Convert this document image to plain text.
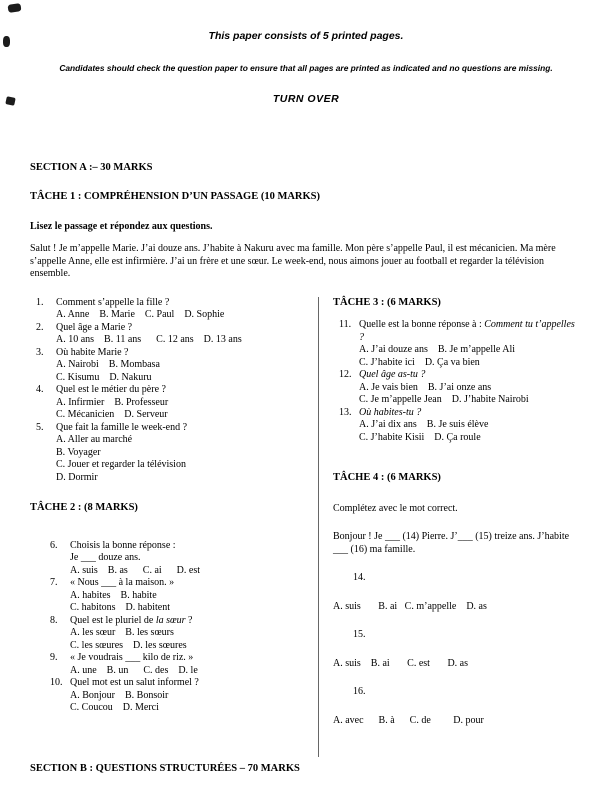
This paper consists of 5 printed pages.
Candidates should check the question paper to ensure that all pages are printed as indicated and no questions are missing.
TURN OVER
SECTION A :– 30 MARKS
TÂCHE 1 : COMPRÉHENSION D’UN PASSAGE (10 MARKS)
Lisez le passage et répondez aux questions.
Salut ! Je m’appelle Marie. J’ai douze ans. J’habite à Nakuru avec ma famille. Mon père s’appelle Paul, il est mécanicien. Ma mère s’appelle Anne, elle est infirmière. J’ai un frère et une sœur. Le week-end, nous aimons jouer au football et regarder la télévision ensemble.
1.	Comment s’appelle la fille ?
A. Anne    B. Marie    C. Paul    D. Sophie
2.	Quel âge a Marie ?
A. 10 ans    B. 11 ans      C. 12 ans    D. 13 ans
3.	Où habite Marie ?
A. Nairobi    B. Mombasa
C. Kisumu    D. Nakuru
4.	Quel est le métier du père ?
A. Infirmier    B. Professeur
C. Mécanicien    D. Serveur
5.	Que fait la famille le week-end ?
A. Aller au marché
B. Voyager
C. Jouer et regarder la télévision
D. Dormir
TÂCHE 2 : (8 MARKS)
6.	Choisis la bonne réponse :
Je ___ douze ans.
A. suis    B. as      C. ai      D. est
7.	« Nous ___ à la maison. »
A. habites    B. habite
C. habitons    D. habitent
8.	Quel est le pluriel de la sœur ?
A. les sœur    B. les sœurs
C. les sœures    D. les sœures
9.	« Je voudrais ___ kilo de riz. »
A. une    B. un      C. des    D. le
10. Quel mot est un salut informel ?
A. Bonjour    B. Bonsoir
C. Coucou    D. Merci
TÂCHE 3 : (6 MARKS)
11. Quelle est la bonne réponse à : Comment tu t’appelles ?
A. J’ai douze ans    B. Je m’appelle Ali
C. J’habite ici    D. Ça va bien
12. Quel âge as-tu ?
A. Je vais bien    B. J’ai onze ans
C. Je m’appelle Jean    D. J’habite Nairobi
13. Où habites-tu ?
A. J’ai dix ans    B. Je suis élève
C. J’habite Kisii    D. Ça roule
TÂCHE 4 : (6 MARKS)
Complétez avec le mot correct.
Bonjour ! Je ___ (14) Pierre. J’___ (15) treize ans. J’habite ___ (16) ma famille.
14.
A. suis       B. ai   C. m’appelle    D. as
15.
A. suis    B. ai       C. est       D. as
16.
A. avec      B. à      C. de         D. pour
SECTION B : QUESTIONS STRUCTURÉES – 70 MARKS
